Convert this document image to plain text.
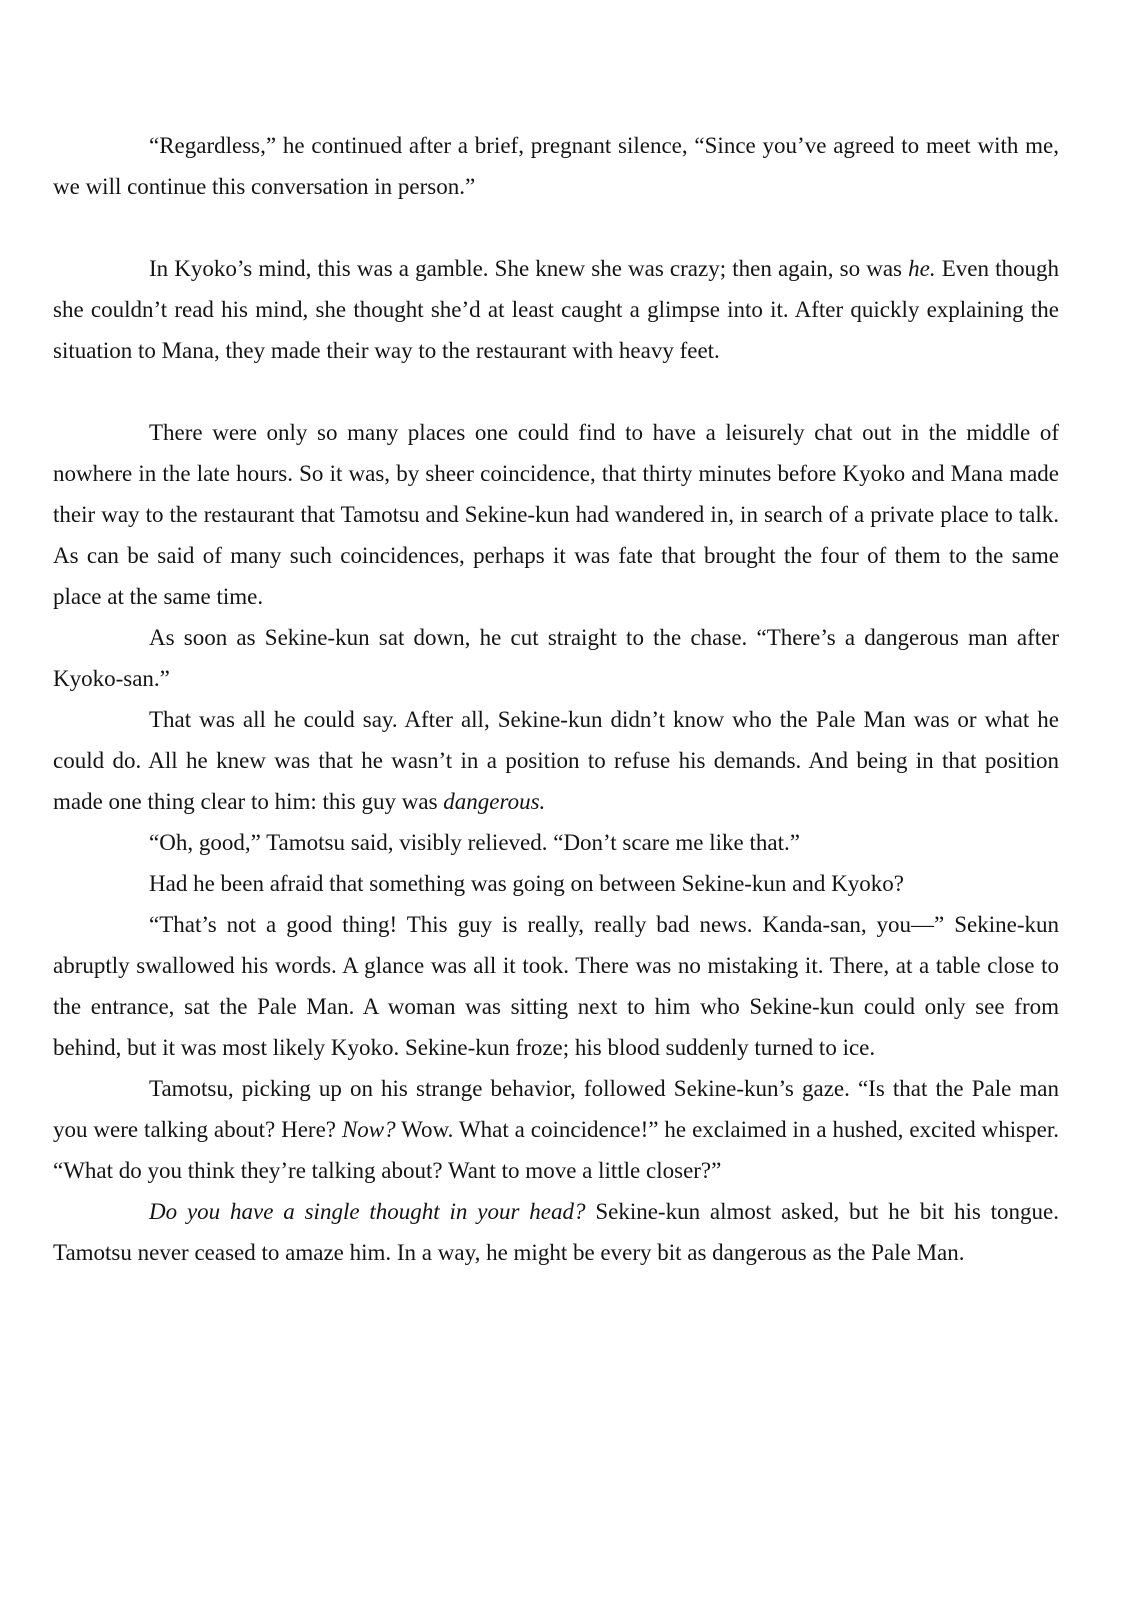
“Regardless,” he continued after a brief, pregnant silence, “Since you’ve agreed to meet with me, we will continue this conversation in person.”

In Kyoko’s mind, this was a gamble. She knew she was crazy; then again, so was he. Even though she couldn’t read his mind, she thought she’d at least caught a glimpse into it. After quickly explaining the situation to Mana, they made their way to the restaurant with heavy feet.

There were only so many places one could find to have a leisurely chat out in the middle of nowhere in the late hours. So it was, by sheer coincidence, that thirty minutes before Kyoko and Mana made their way to the restaurant that Tamotsu and Sekine-kun had wandered in, in search of a private place to talk. As can be said of many such coincidences, perhaps it was fate that brought the four of them to the same place at the same time.

As soon as Sekine-kun sat down, he cut straight to the chase. “There’s a dangerous man after Kyoko-san.”

That was all he could say. After all, Sekine-kun didn’t know who the Pale Man was or what he could do. All he knew was that he wasn’t in a position to refuse his demands. And being in that position made one thing clear to him: this guy was dangerous.

“Oh, good,” Tamotsu said, visibly relieved. “Don’t scare me like that.”

Had he been afraid that something was going on between Sekine-kun and Kyoko?

“That’s not a good thing! This guy is really, really bad news. Kanda-san, you—” Sekine-kun abruptly swallowed his words. A glance was all it took. There was no mistaking it. There, at a table close to the entrance, sat the Pale Man. A woman was sitting next to him who Sekine-kun could only see from behind, but it was most likely Kyoko. Sekine-kun froze; his blood suddenly turned to ice.

Tamotsu, picking up on his strange behavior, followed Sekine-kun’s gaze. “Is that the Pale man you were talking about? Here? Now? Wow. What a coincidence!” he exclaimed in a hushed, excited whisper. “What do you think they’re talking about? Want to move a little closer?”

Do you have a single thought in your head? Sekine-kun almost asked, but he bit his tongue. Tamotsu never ceased to amaze him. In a way, he might be every bit as dangerous as the Pale Man.
